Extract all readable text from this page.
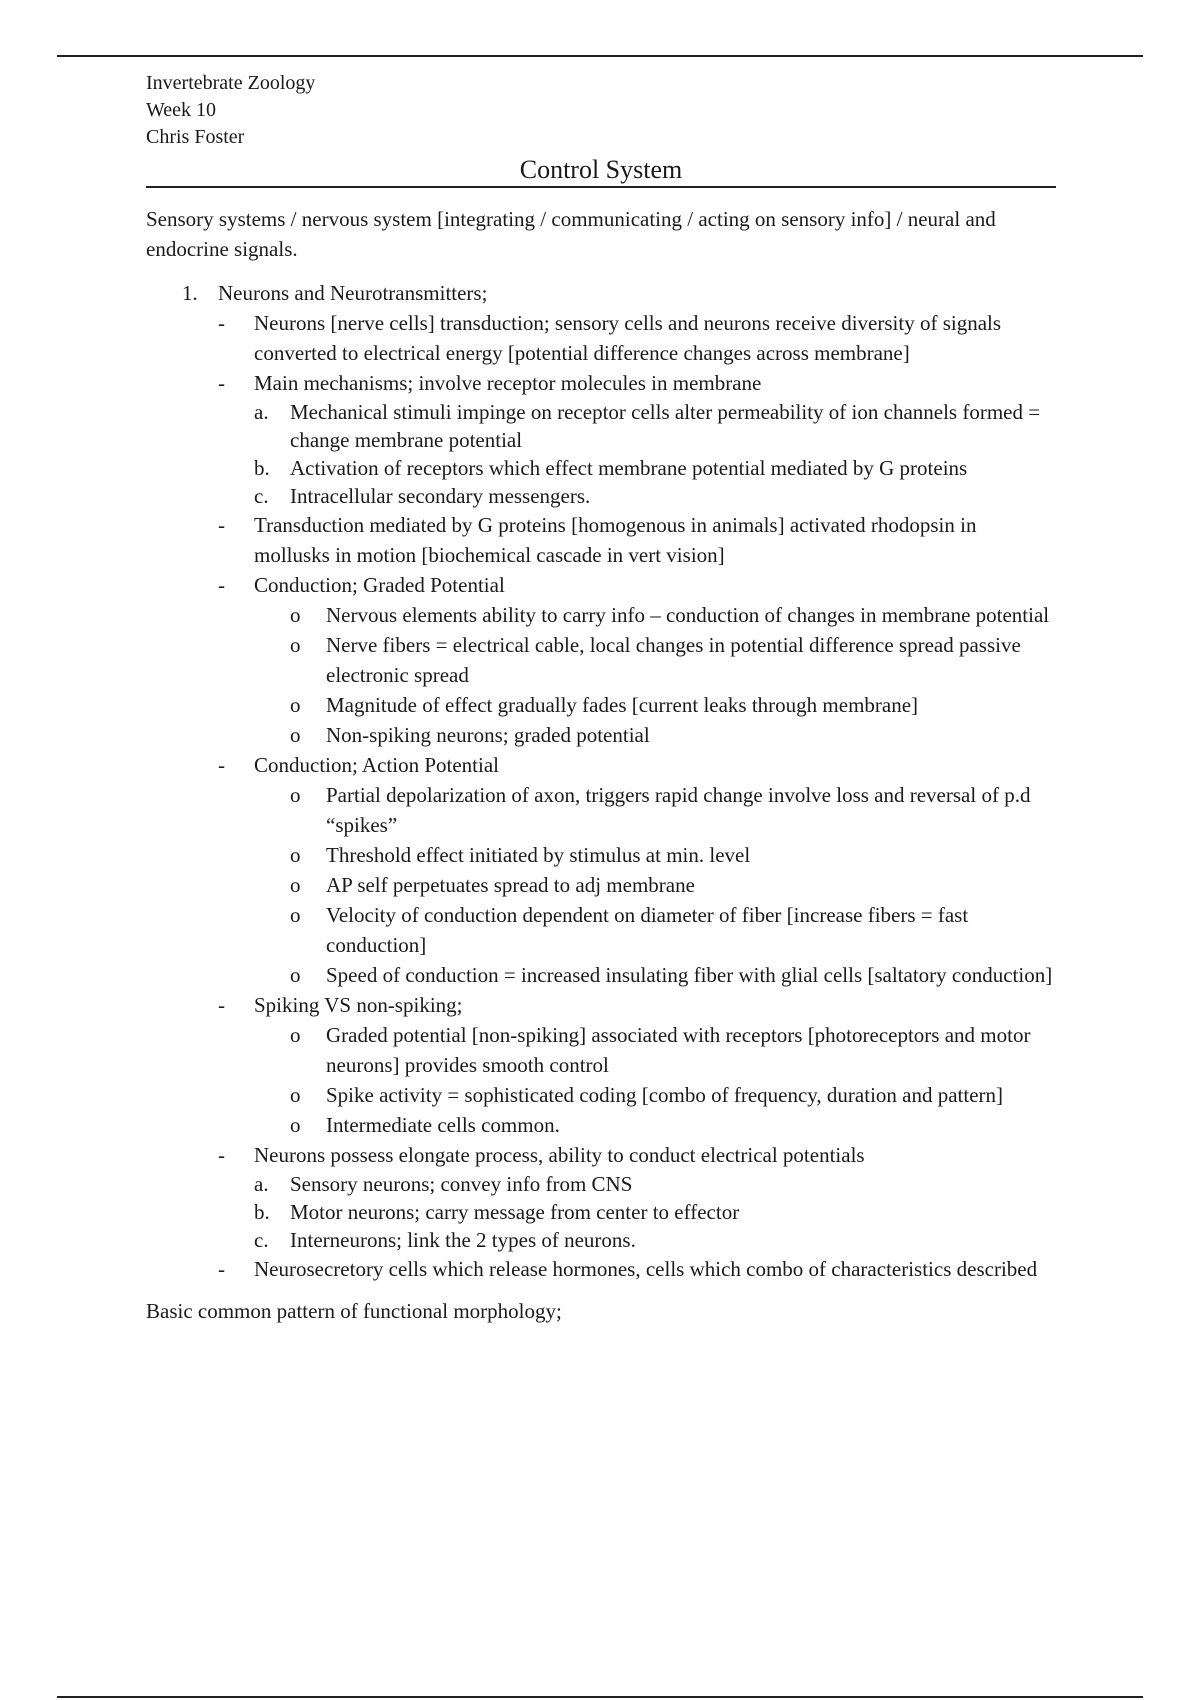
Invertebrate Zoology
Week 10
Chris Foster
Control System
Sensory systems / nervous system [integrating / communicating / acting on sensory info] / neural and endocrine signals.
1. Neurons and Neurotransmitters;
-	Neurons [nerve cells] transduction; sensory cells and neurons receive diversity of signals converted to electrical energy [potential difference changes across membrane]
-	Main mechanisms; involve receptor molecules in membrane
a.	Mechanical stimuli impinge on receptor cells alter permeability of ion channels formed = change membrane potential
b. Activation of receptors which effect membrane potential mediated by G proteins
c.	Intracellular secondary messengers.
-	Transduction mediated by G proteins [homogenous in animals] activated rhodopsin in mollusks in motion [biochemical cascade in vert vision]
-	Conduction; Graded Potential
o	Nervous elements ability to carry info – conduction of changes in membrane potential
o	Nerve fibers = electrical cable, local changes in potential difference spread passive electronic spread
o	Magnitude of effect gradually fades [current leaks through membrane]
o	Non-spiking neurons; graded potential
-	Conduction; Action Potential
o	Partial depolarization of axon, triggers rapid change involve loss and reversal of p.d “spikes”
o	Threshold effect initiated by stimulus at min. level
o	AP self perpetuates spread to adj membrane
o	Velocity of conduction dependent on diameter of fiber [increase fibers = fast conduction]
o	Speed of conduction = increased insulating fiber with glial cells [saltatory conduction]
-	Spiking VS non-spiking;
o	Graded potential [non-spiking] associated with receptors [photoreceptors and motor neurons] provides smooth control
o	Spike activity = sophisticated coding [combo of frequency, duration and pattern]
o	Intermediate cells common.
-	Neurons possess elongate process, ability to conduct electrical potentials
a.	Sensory neurons; convey info from CNS
b. Motor neurons; carry message from center to effector
c.	Interneurons; link the 2 types of neurons.
-	Neurosecretory cells which release hormones, cells which combo of characteristics described
Basic common pattern of functional morphology;
